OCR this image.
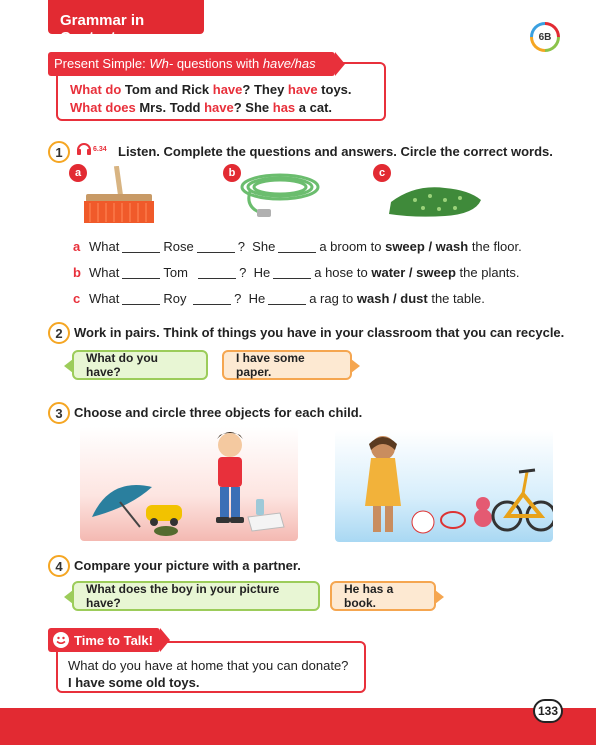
Grammar in Context	6B
Present Simple: Wh- questions with have/has
What do Tom and Rick have? They have toys.
What does Mrs. Todd have? She has a cat.
1	6.34 Listen. Complete the questions and answers. Circle the correct words.
a	b	c
a What	Rose	? She	a broom to sweep / wash the floor.
b What	Tom	? He	a hose to water / sweep the plants.
c What	Roy	? He	a rag to wash / dust the table.
2 Work in pairs. Think of things you have in your classroom that you can recycle.
What do you have?
I have some paper.
3 Choose and circle three objects for each child.
4 Compare your picture with a partner.
What does the boy in your picture have?
He has a book.
Time to Talk!
What do you have at home that you can donate?
I have some old toys.
133
